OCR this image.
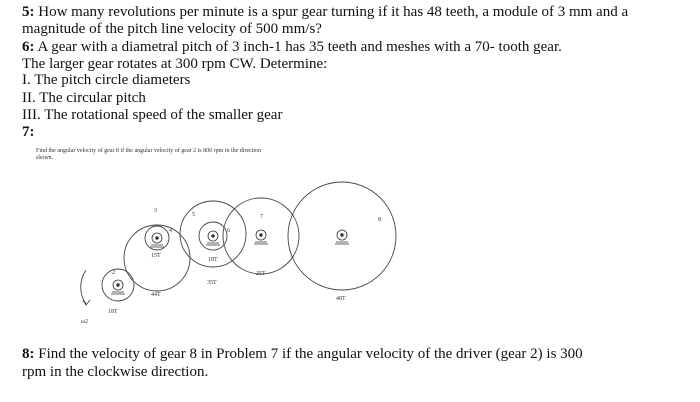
5: How many revolutions per minute is a spur gear turning if it has 48 teeth, a module of 3 mm and a
magnitude of the pitch line velocity of 500 mm/s?
6: A gear with a diametral pitch of 3 inch-1 has 35 teeth and meshes with a 70- tooth gear.
The larger gear rotates at 300 rpm CW. Determine:
I. The pitch circle diameters
II. The circular pitch
III. The rotational speed of the smaller gear
7:
Find the angular velocity of gear 8 if the angular velocity of gear 2 is 800 rpm in the direction
shown.
2
3
4
5
6
7	8
18T
44T
15T
35T
18T
25T
48T
ω2
8: Find the velocity of gear 8 in Problem 7 if the angular velocity of the driver (gear 2) is 300
rpm in the clockwise direction.
